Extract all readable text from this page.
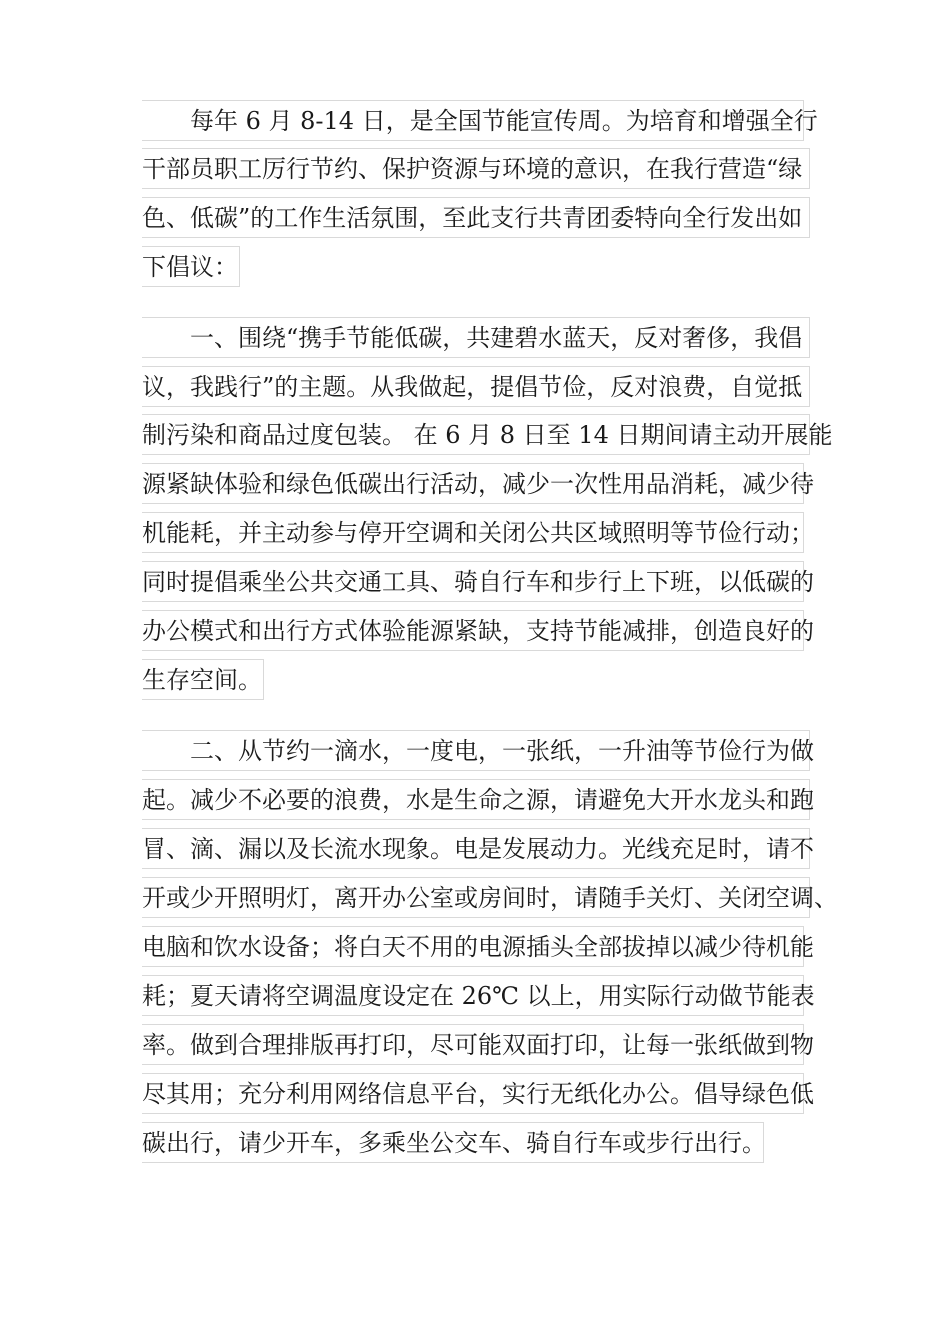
每年 6 月 8-14 日，是全国节能宣传周。为培育和增强全行
干部员职工厉行节约、保护资源与环境的意识，在我行营造“绿
色、低碳”的工作生活氛围，至此支行共青团委特向全行发出如
下倡议：
一、围绕“携手节能低碳，共建碧水蓝天，反对奢侈，我倡
议，我践行”的主题。从我做起，提倡节俭，反对浪费，自觉抵
制污染和商品过度包装。 在 6 月 8 日至 14 日期间请主动开展能
源紧缺体验和绿色低碳出行活动，减少一次性用品消耗，减少待
机能耗，并主动参与停开空调和关闭公共区域照明等节俭行动；
同时提倡乘坐公共交通工具、骑自行车和步行上下班，以低碳的
办公模式和出行方式体验能源紧缺，支持节能减排，创造良好的
生存空间。
二、从节约一滴水，一度电，一张纸，一升油等节俭行为做
起。减少不必要的浪费，水是生命之源，请避免大开水龙头和跑
冒、滴、漏以及长流水现象。电是发展动力。光线充足时，请不
开或少开照明灯，离开办公室或房间时，请随手关灯、关闭空调、
电脑和饮水设备；将白天不用的电源插头全部拔掉以减少待机能
耗；夏天请将空调温度设定在 26℃ 以上，用实际行动做节能表
率。做到合理排版再打印，尽可能双面打印，让每一张纸做到物
尽其用；充分利用网络信息平台，实行无纸化办公。倡导绿色低
碳出行，请少开车，多乘坐公交车、骑自行车或步行出行。
